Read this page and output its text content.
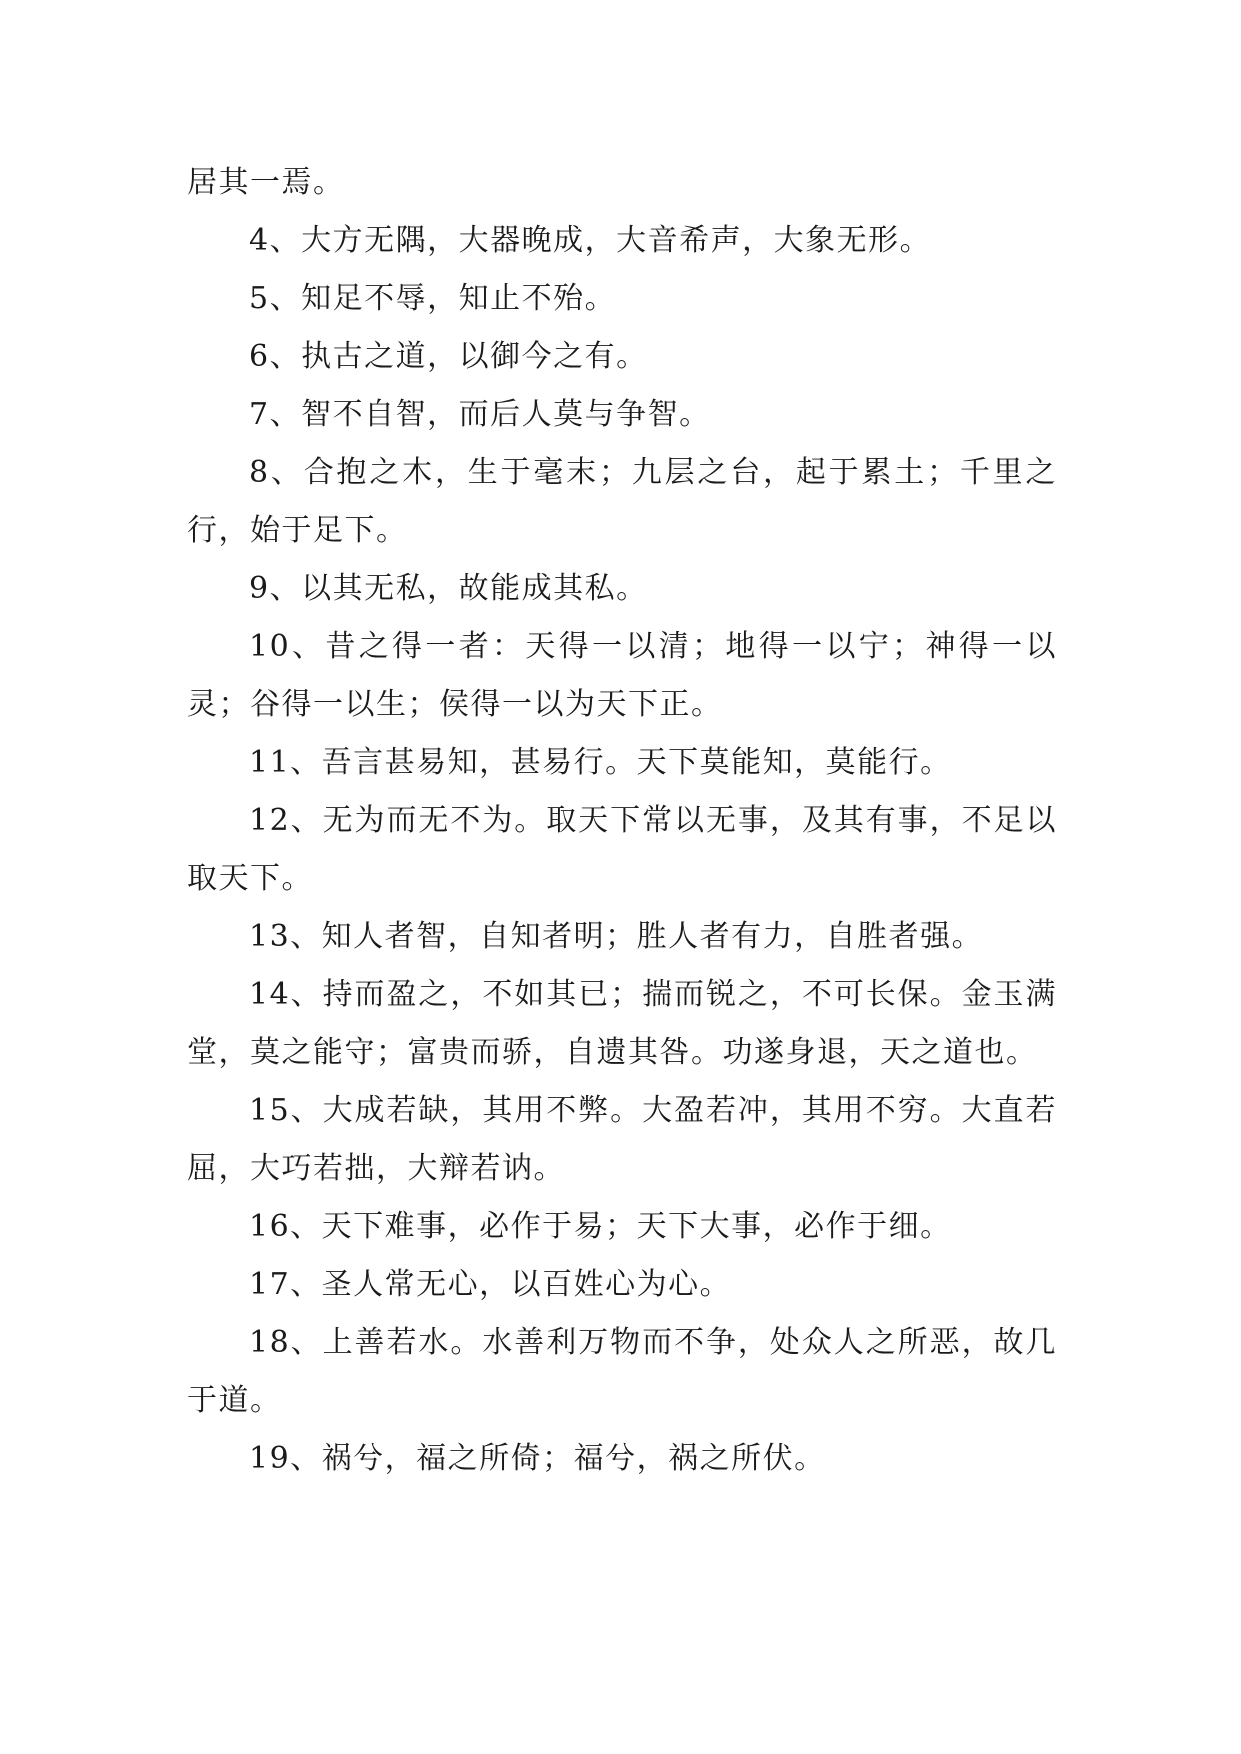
居其一焉。

4、大方无隅，大器晚成，大音希声，大象无形。

5、知足不辱，知止不殆。

6、执古之道，以御今之有。

7、智不自智，而后人莫与争智。

8、合抱之木，生于毫末；九层之台，起于累土；千里之行，始于足下。

9、以其无私，故能成其私。

10、昔之得一者：天得一以清；地得一以宁；神得一以灵；谷得一以生；侯得一以为天下正。

11、吾言甚易知，甚易行。天下莫能知，莫能行。

12、无为而无不为。取天下常以无事，及其有事，不足以取天下。

13、知人者智，自知者明；胜人者有力，自胜者强。

14、持而盈之，不如其已；揣而锐之，不可长保。金玉满堂，莫之能守；富贵而骄，自遗其咎。功遂身退，天之道也。

15、大成若缺，其用不弊。大盈若冲，其用不穷。大直若屈，大巧若拙，大辩若讷。

16、天下难事，必作于易；天下大事，必作于细。

17、圣人常无心，以百姓心为心。

18、上善若水。水善利万物而不争，处众人之所恶，故几于道。

19、祸兮，福之所倚；福兮，祸之所伏。
